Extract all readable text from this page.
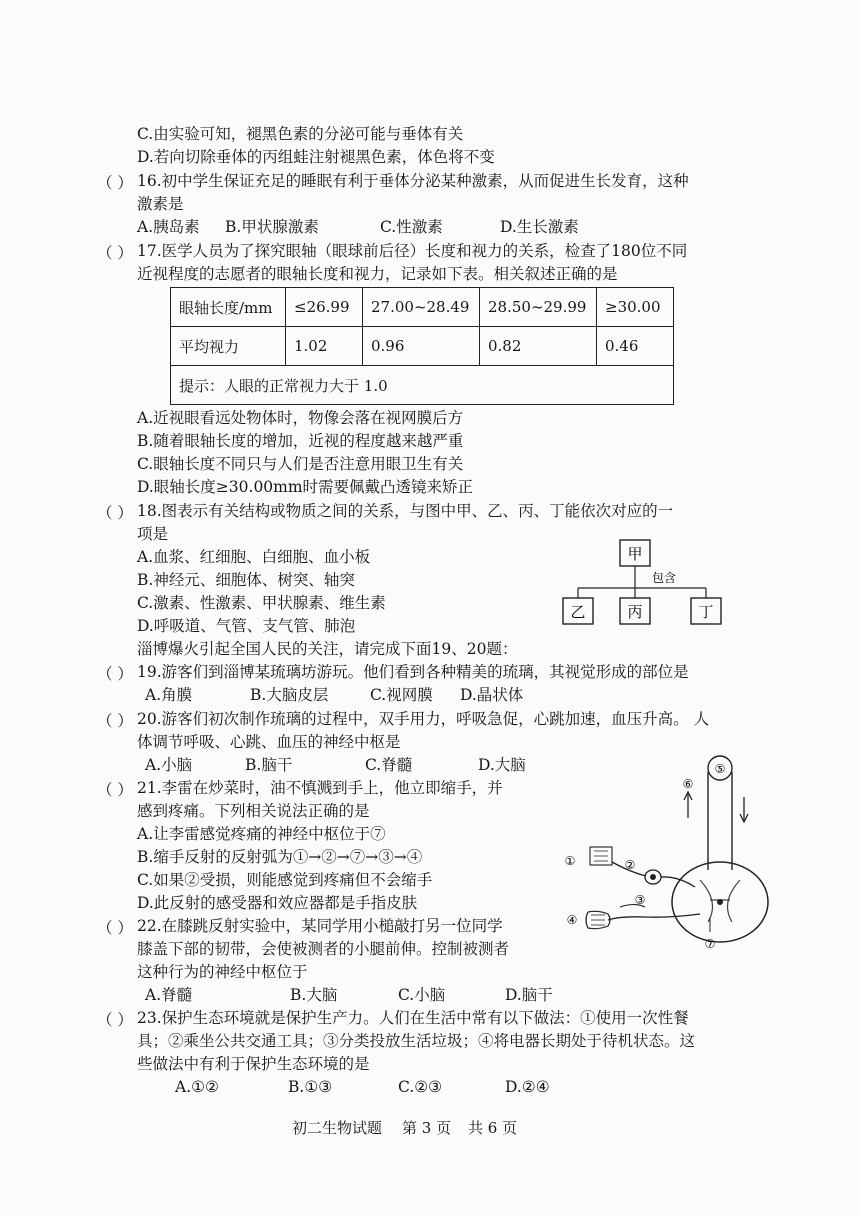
C.由实验可知，褪黑色素的分泌可能与垂体有关
D.若向切除垂体的丙组蛙注射褪黑色素，体色将不变
（ ） 16.初中学生保证充足的睡眠有利于垂体分泌某种激素，从而促进生长发育，这种
激素是
A.胰岛素 B.甲状腺激素	C.性激素	D.生长激素
（ ） 17.医学人员为了探究眼轴（眼球前后径）长度和视力的关系，检查了180位不同
近视程度的志愿者的眼轴长度和视力，记录如下表。相关叙述正确的是
眼轴长度/mm	≤26.99	27.00~28.49	28.50~29.99	≥30.00
平均视力	1.02	0.96	0.82	0.46
提示：人眼的正常视力大于 1.0				
A.近视眼看远处物体时，物像会落在视网膜后方
B.随着眼轴长度的增加，近视的程度越来越严重
C.眼轴长度不同只与人们是否注意用眼卫生有关
D.眼轴长度≥30.00mm时需要佩戴凸透镜来矫正
（ ） 18.图表示有关结构或物质之间的关系，与图中甲、乙、丙、丁能依次对应的一
项是
A.血浆、红细胞、白细胞、血小板
B.神经元、细胞体、树突、轴突
C.激素、性激素、甲状腺素、维生素
D.呼吸道、气管、支气管、肺泡
甲
包含
乙	丙	丁
淄博爆火引起全国人民的关注，请完成下面19、20题：
（ ） 19.游客们到淄博某琉璃坊游玩。他们看到各种精美的琉璃，其视觉形成的部位是
A.角膜	B.大脑皮层	C.视网膜 D.晶状体
（ ） 20.游客们初次制作琉璃的过程中，双手用力，呼吸急促，心跳加速，血压升高。 人
体调节呼吸、心跳、血压的神经中枢是
A.小脑	B.脑干	C.脊髓	D.大脑
（ ） 21.李雷在炒菜时，油不慎溅到手上，他立即缩手，并
感到疼痛。下列相关说法正确的是
A.让李雷感觉疼痛的神经中枢位于⑦
B.缩手反射的反射弧为①→②→⑦→③→④
C.如果②受损，则能感觉到疼痛但不会缩手
D.此反射的感受器和效应器都是手指皮肤
⑤
⑥
①	②
③
④
⑦
（ ） 22.在膝跳反射实验中，某同学用小槌敲打另一位同学
膝盖下部的韧带，会使被测者的小腿前伸。控制被测者
这种行为的神经中枢位于
A.脊髓	B.大脑	C.小脑	D.脑干
（ ） 23.保护生态环境就是保护生产力。人们在生活中常有以下做法：①使用一次性餐
具；②乘坐公共交通工具；③分类投放生活垃圾；④将电器长期处于待机状态。这
些做法中有利于保护生态环境的是
A.①②	B.①③	C.②③	D.②④
初二生物试题 第 3 页 共 6 页
